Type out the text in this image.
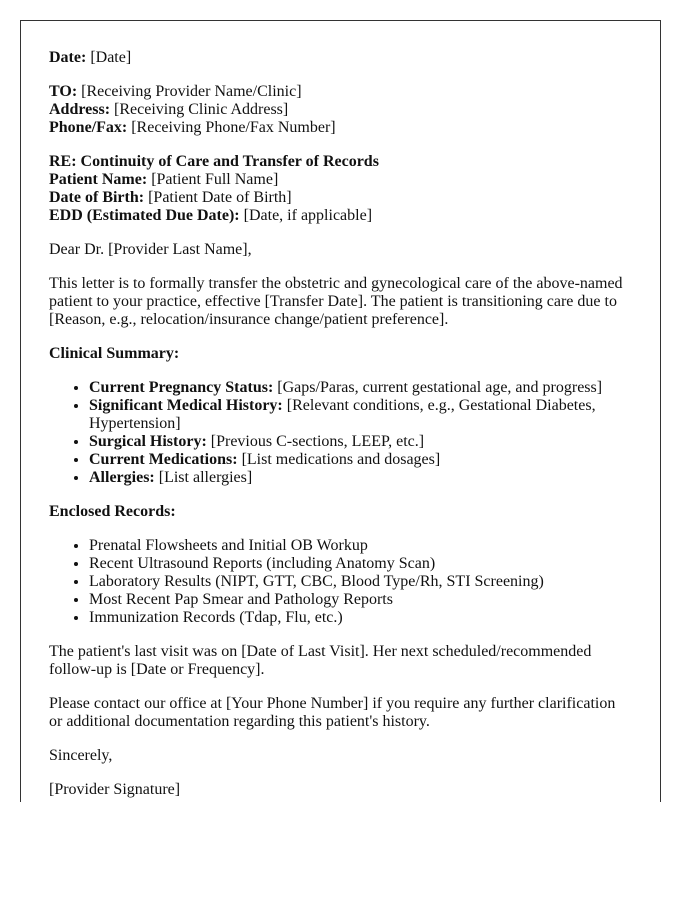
Date: [Date]

TO: [Receiving Provider Name/Clinic]

Address: [Receiving Clinic Address]

Phone/Fax: [Receiving Phone/Fax Number]

RE: Continuity of Care and Transfer of Records

Patient Name: [Patient Full Name]

Date of Birth: [Patient Date of Birth]

EDD (Estimated Due Date): [Date, if applicable]

Dear Dr. [Provider Last Name],

This letter is to formally transfer the obstetric and gynecological care of the above-named patient to your practice, effective [Transfer Date]. The patient is transitioning care due to [Reason, e.g., relocation/insurance change/patient preference].

Clinical Summary:

• Current Pregnancy Status: [Gaps/Paras, current gestational age, and progress]
• Significant Medical History: [Relevant conditions, e.g., Gestational Diabetes, Hypertension]
• Surgical History: [Previous C-sections, LEEP, etc.]
• Current Medications: [List medications and dosages]
• Allergies: [List allergies]

Enclosed Records:

• Prenatal Flowsheets and Initial OB Workup
• Recent Ultrasound Reports (including Anatomy Scan)
• Laboratory Results (NIPT, GTT, CBC, Blood Type/Rh, STI Screening)
• Most Recent Pap Smear and Pathology Reports
• Immunization Records (Tdap, Flu, etc.)

The patient's last visit was on [Date of Last Visit]. Her next scheduled/recommended follow-up is [Date or Frequency].

Please contact our office at [Your Phone Number] if you require any further clarification or additional documentation regarding this patient's history.

Sincerely,

[Provider Signature]
